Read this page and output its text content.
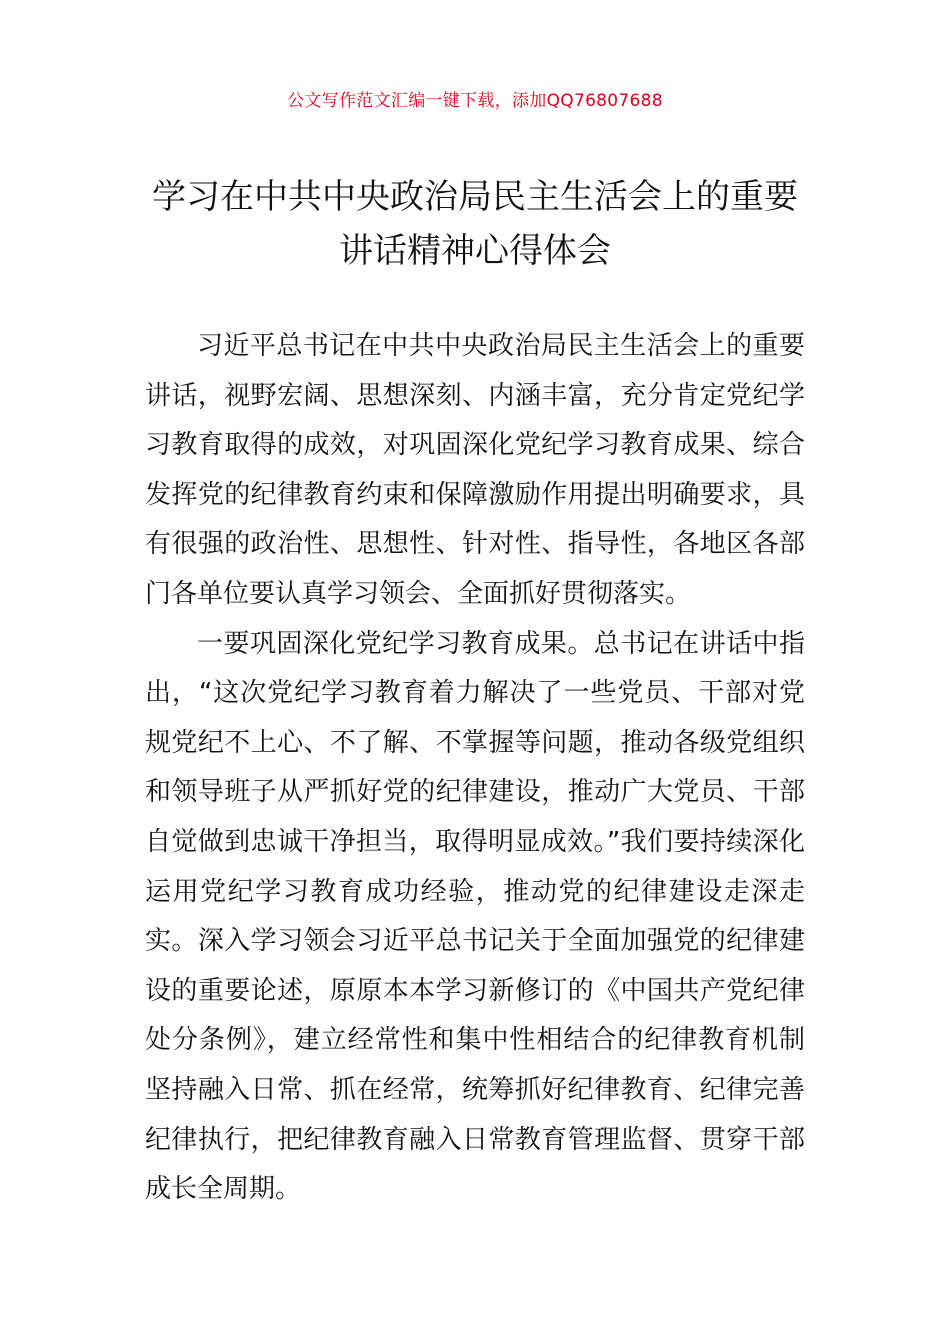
公文写作范文汇编一键下载，添加QQ76807688
学习在中共中央政治局民主生活会上的重要讲话精神心得体会

习近平总书记在中共中央政治局民主生活会上的重要讲话，视野宏阔、思想深刻、内涵丰富，充分肯定党纪学习教育取得的成效，对巩固深化党纪学习教育成果、综合发挥党的纪律教育约束和保障激励作用提出明确要求，具有很强的政治性、思想性、针对性、指导性，各地区各部门各单位要认真学习领会、全面抓好贯彻落实。

一要巩固深化党纪学习教育成果。总书记在讲话中指出，“这次党纪学习教育着力解决了一些党员、干部对党规党纪不上心、不了解、不掌握等问题，推动各级党组织和领导班子从严抓好党的纪律建设，推动广大党员、干部自觉做到忠诚干净担当，取得明显成效。”我们要持续深化运用党纪学习教育成功经验，推动党的纪律建设走深走实。深入学习领会习近平总书记关于全面加强党的纪律建设的重要论述，原原本本学习新修订的《中国共产党纪律处分条例》，建立经常性和集中性相结合的纪律教育机制坚持融入日常、抓在经常，统筹抓好纪律教育、纪律完善纪律执行，把纪律教育融入日常教育管理监督、贯穿干部成长全周期。
